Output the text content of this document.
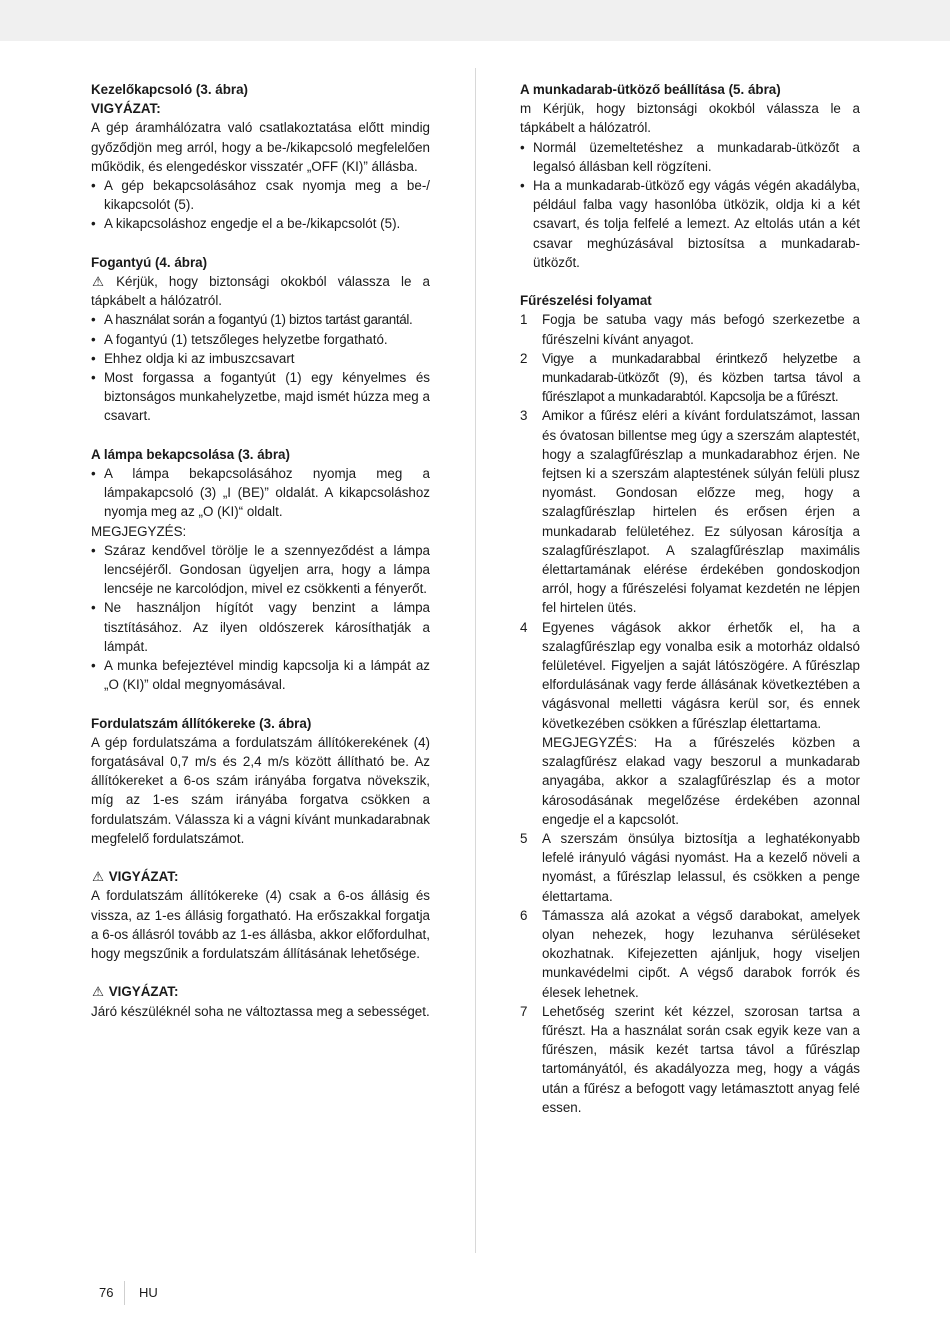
Kezelőkapcsoló (3. ábra)
VIGYÁZAT:

A gép áramhálózatra való csatlakoztatása előtt mindig győződjön meg arról, hogy a be-/kikapcsoló megfelelően működik, és elengedéskor visszatér „OFF (KI)” állásba.

• A gép bekapcsolásához csak nyomja meg a be-/ kikapcsolót (5).
• A kikapcsoláshoz engedje el a be-/kikapcsolót (5).
Fogantyú (4. ábra)

⚠ Kérjük, hogy biztonsági okokból válassza le a tápkábelt a hálózatról.

• A használat során a fogantyú (1) biztos tartást garantál.
• A fogantyú (1) tetszőleges helyzetbe forgatható.
• Ehhez oldja ki az imbuszcsavart
• Most forgassa a fogantyút (1) egy kényelmes és biztonságos munkahelyzetbe, majd ismét húzza meg a csavart.
A lámpa bekapcsolása (3. ábra)
• A lámpa bekapcsolásához nyomja meg a lámpakapcsoló (3) „I (BE)” oldalát. A kikapcsoláshoz nyomja meg az „O (KI)“ oldalt.
MEGJEGYZÉS:
• Száraz kendővel törölje le a szennyeződést a lámpa lencséjéről. Gondosan ügyeljen arra, hogy a lámpa lencséje ne karcolódjon, mivel ez csökkenti a fényerőt.
• Ne használjon hígítót vagy benzint a lámpa tisztításához. Az ilyen oldószerek károsíthatják a lámpát.
• A munka befejeztével mindig kapcsolja ki a lámpát az „O (KI)” oldal megnyomásával.
Fordulatszám állítókereke (3. ábra)

A gép fordulatszáma a fordulatszám állítókerekének (4) forgatásával 0,7 m/s és 2,4 m/s között állítható be. Az állítókereket a 6-os szám irányába forgatva növekszik, míg az 1-es szám irányába forgatva csökken a fordulatszám. Válassza ki a vágni kívánt munkadarabnak megfelelő fordulatszámot.

⚠ VIGYÁZAT:

A fordulatszám állítókereke (4) csak a 6-os állásig és vissza, az 1-es állásig forgatható. Ha erőszakkal forgatja a 6-os állásról tovább az 1-es állásba, akkor előfordulhat, hogy megszűnik a fordulatszám állításának lehetősége.

⚠ VIGYÁZAT:

Járó készüléknél soha ne változtassa meg a sebességet.

A munkadarab-ütköző beállítása (5. ábra)

m Kérjük, hogy biztonsági okokból válassza le a tápkábelt a hálózatról.

• Normál üzemeltetéshez a munkadarab-ütközőt a legalsó állásban kell rögzíteni.
• Ha a munkadarab-ütköző egy vágás végén akadályba, például falba vagy hasonlóba ütközik, oldja ki a két csavart, és tolja felfelé a lemezt. Az eltolás után a két csavar meghúzásával biztosítsa a munkadarab-ütközőt.
Fűrészelési folyamat
1 Fogja be satuba vagy más befogó szerkezetbe a fűrészelni kívánt anyagot.
2 Vigye a munkadarabbal érintkező helyzetbe a munkadarab-ütközőt (9), és közben tartsa távol a fűrészlapot a munkadarabtól. Kapcsolja be a fűrészt.
3 Amikor a fűrész eléri a kívánt fordulatszámot, lassan és óvatosan billentse meg úgy a szerszám alaptestét, hogy a szalagfűrészlap a munkadarabhoz érjen. Ne fejtsen ki a szerszám alaptestének súlyán felüli plusz nyomást. Gondosan előzze meg, hogy a szalagfűrészlap hirtelen és erősen érjen a munkadarab felületéhez. Ez súlyosan károsítja a szalagfűrészlapot. A szalagfűrészlap maximális élettartamának elérése érdekében gondoskodjon arról, hogy a fűrészelési folyamat kezdetén ne lépjen fel hirtelen ütés.
4 Egyenes vágások akkor érhetők el, ha a szalagfűrészlap egy vonalba esik a motorház oldalsó felületével. Figyeljen a saját látószögére. A fűrészlap elfordulásának vagy ferde állásának következtében a vágásvonal melletti vágásra kerül sor, és ennek következében csökken a fűrészlap élettartama.
MEGJEGYZÉS: Ha a fűrészelés közben a szalagfűrész elakad vagy beszorul a munkadarab anyagába, akkor a szalagfűrészlap és a motor károsodásának megelőzése érdekében azonnal engedje el a kapcsolót.
5 A szerszám önsúlya biztosítja a leghatékonyabb lefelé irányuló vágási nyomást. Ha a kezelő növeli a nyomást, a fűrészlap lelassul, és csökken a penge élettartama.
6 Támassza alá azokat a végső darabokat, amelyek olyan nehezek, hogy lezuhanva sérüléseket okozhatnak. Kifejezetten ajánljuk, hogy viseljen munkavédelmi cipőt. A végső darabok forrók és élesek lehetnek.
7 Lehetőség szerint két kézzel, szorosan tartsa a fűrészt. Ha a használat során csak egyik keze van a fűrészen, másik kezét tartsa távol a fűrészlap tartományától, és akadályozza meg, hogy a vágás után a fűrész a befogott vagy letámasztott anyag felé essen.
76 HU
